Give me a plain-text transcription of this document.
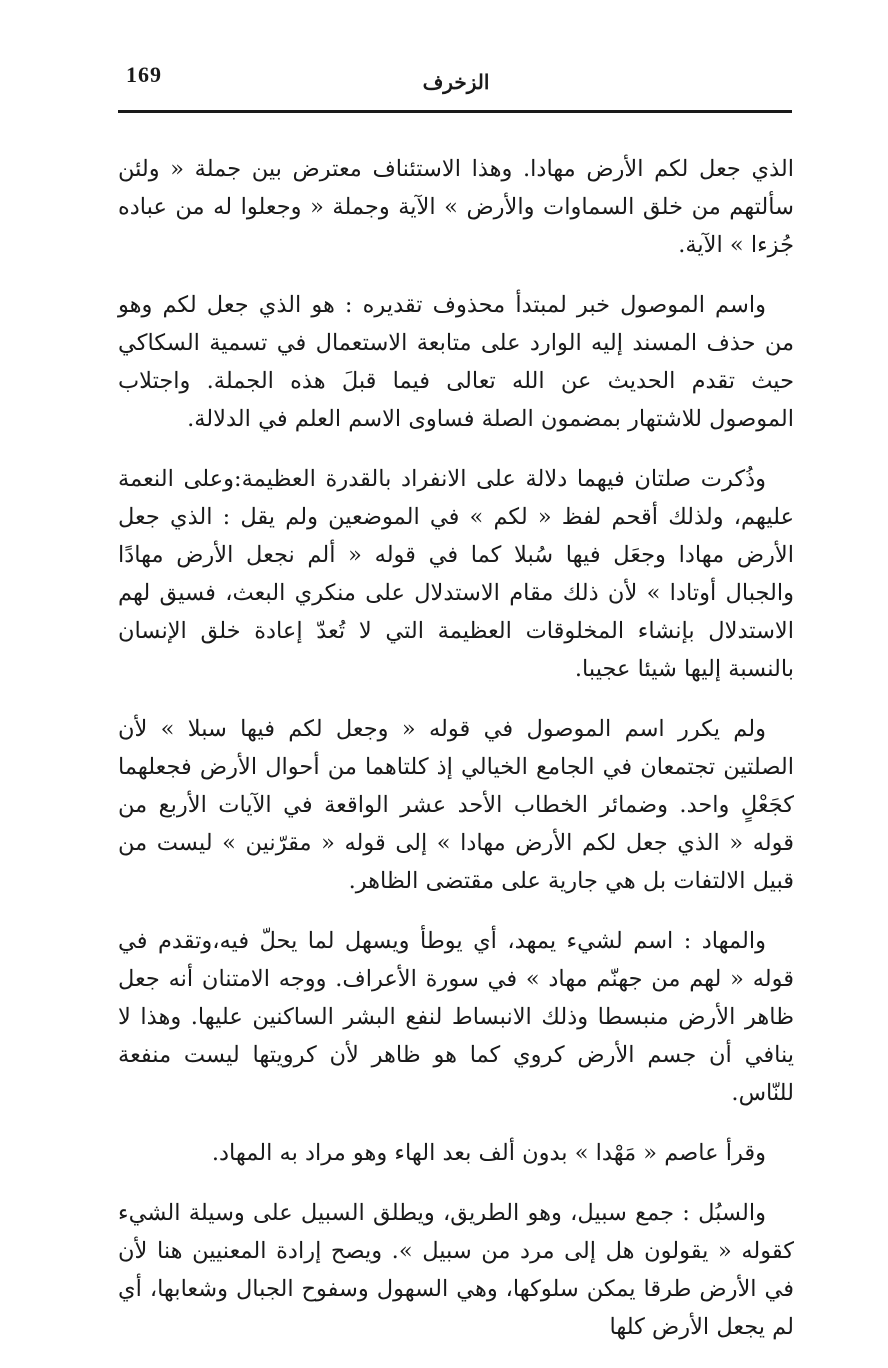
169	الزخرف

الذي جعل لكم الأرض مهادا. وهذا الاستئناف معترض بين جملة « ولئن سألتهم من خلق السماوات والأرض » الآية وجملة « وجعلوا له من عباده جُزءا » الآية.

واسم الموصول خبر لمبتدأ محذوف تقديره : هو الذي جعل لكم وهو من حذف المسند إليه الوارد على متابعة الاستعمال في تسمية السكاكي حيث تقدم الحديث عن الله تعالى فيما قبلَ هذه الجملة. واجتلاب الموصول للاشتهار بمضمون الصلة فساوى الاسم العلم في الدلالة.

وذُكرت صلتان فيهما دلالة على الانفراد بالقدرة العظيمة:وعلى النعمة عليهم، ولذلك أقحم لفظ « لكم » في الموضعين ولم يقل : الذي جعل الأرض مهادا وجعَل فيها سُبلا كما في قوله « ألم نجعل الأرض مهادًا والجبال أوتادا » لأن ذلك مقام الاستدلال على منكري البعث، فسيق لهم الاستدلال بإنشاء المخلوقات العظيمة التي لا تُعدّ إعادة خلق الإنسان بالنسبة إليها شيئا عجيبا.

ولم يكرر اسم الموصول في قوله « وجعل لكم فيها سبلا » لأن الصلتين تجتمعان في الجامع الخيالي إذ كلتاهما من أحوال الأرض فجعلهما كجَعْلٍ واحد. وضمائر الخطاب الأحد عشر الواقعة في الآيات الأربع من قوله « الذي جعل لكم الأرض مهادا » إلى قوله « مقرّنين » ليست من قبيل الالتفات بل هي جارية على مقتضى الظاهر.

والمهاد : اسم لشيء يمهد، أي يوطأ ويسهل لما يحلّ فيه،وتقدم في قوله « لهم من جهنّم مهاد » في سورة الأعراف. ووجه الامتنان أنه جعل ظاهر الأرض منبسطا وذلك الانبساط لنفع البشر الساكنين عليها. وهذا لا ينافي أن جسم الأرض كروي كما هو ظاهر لأن كرويتها ليست منفعة للنّاس.

وقرأ عاصم « مَهْدا » بدون ألف بعد الهاء وهو مراد به المهاد.

والسبُل : جمع سبيل، وهو الطريق، ويطلق السبيل على وسيلة الشيء كقوله « يقولون هل إلى مرد من سبيل ». ويصح إرادة المعنيين هنا لأن في الأرض طرقا يمكن سلوكها، وهي السهول وسفوح الجبال وشعابها، أي لم يجعل الأرض كلها
